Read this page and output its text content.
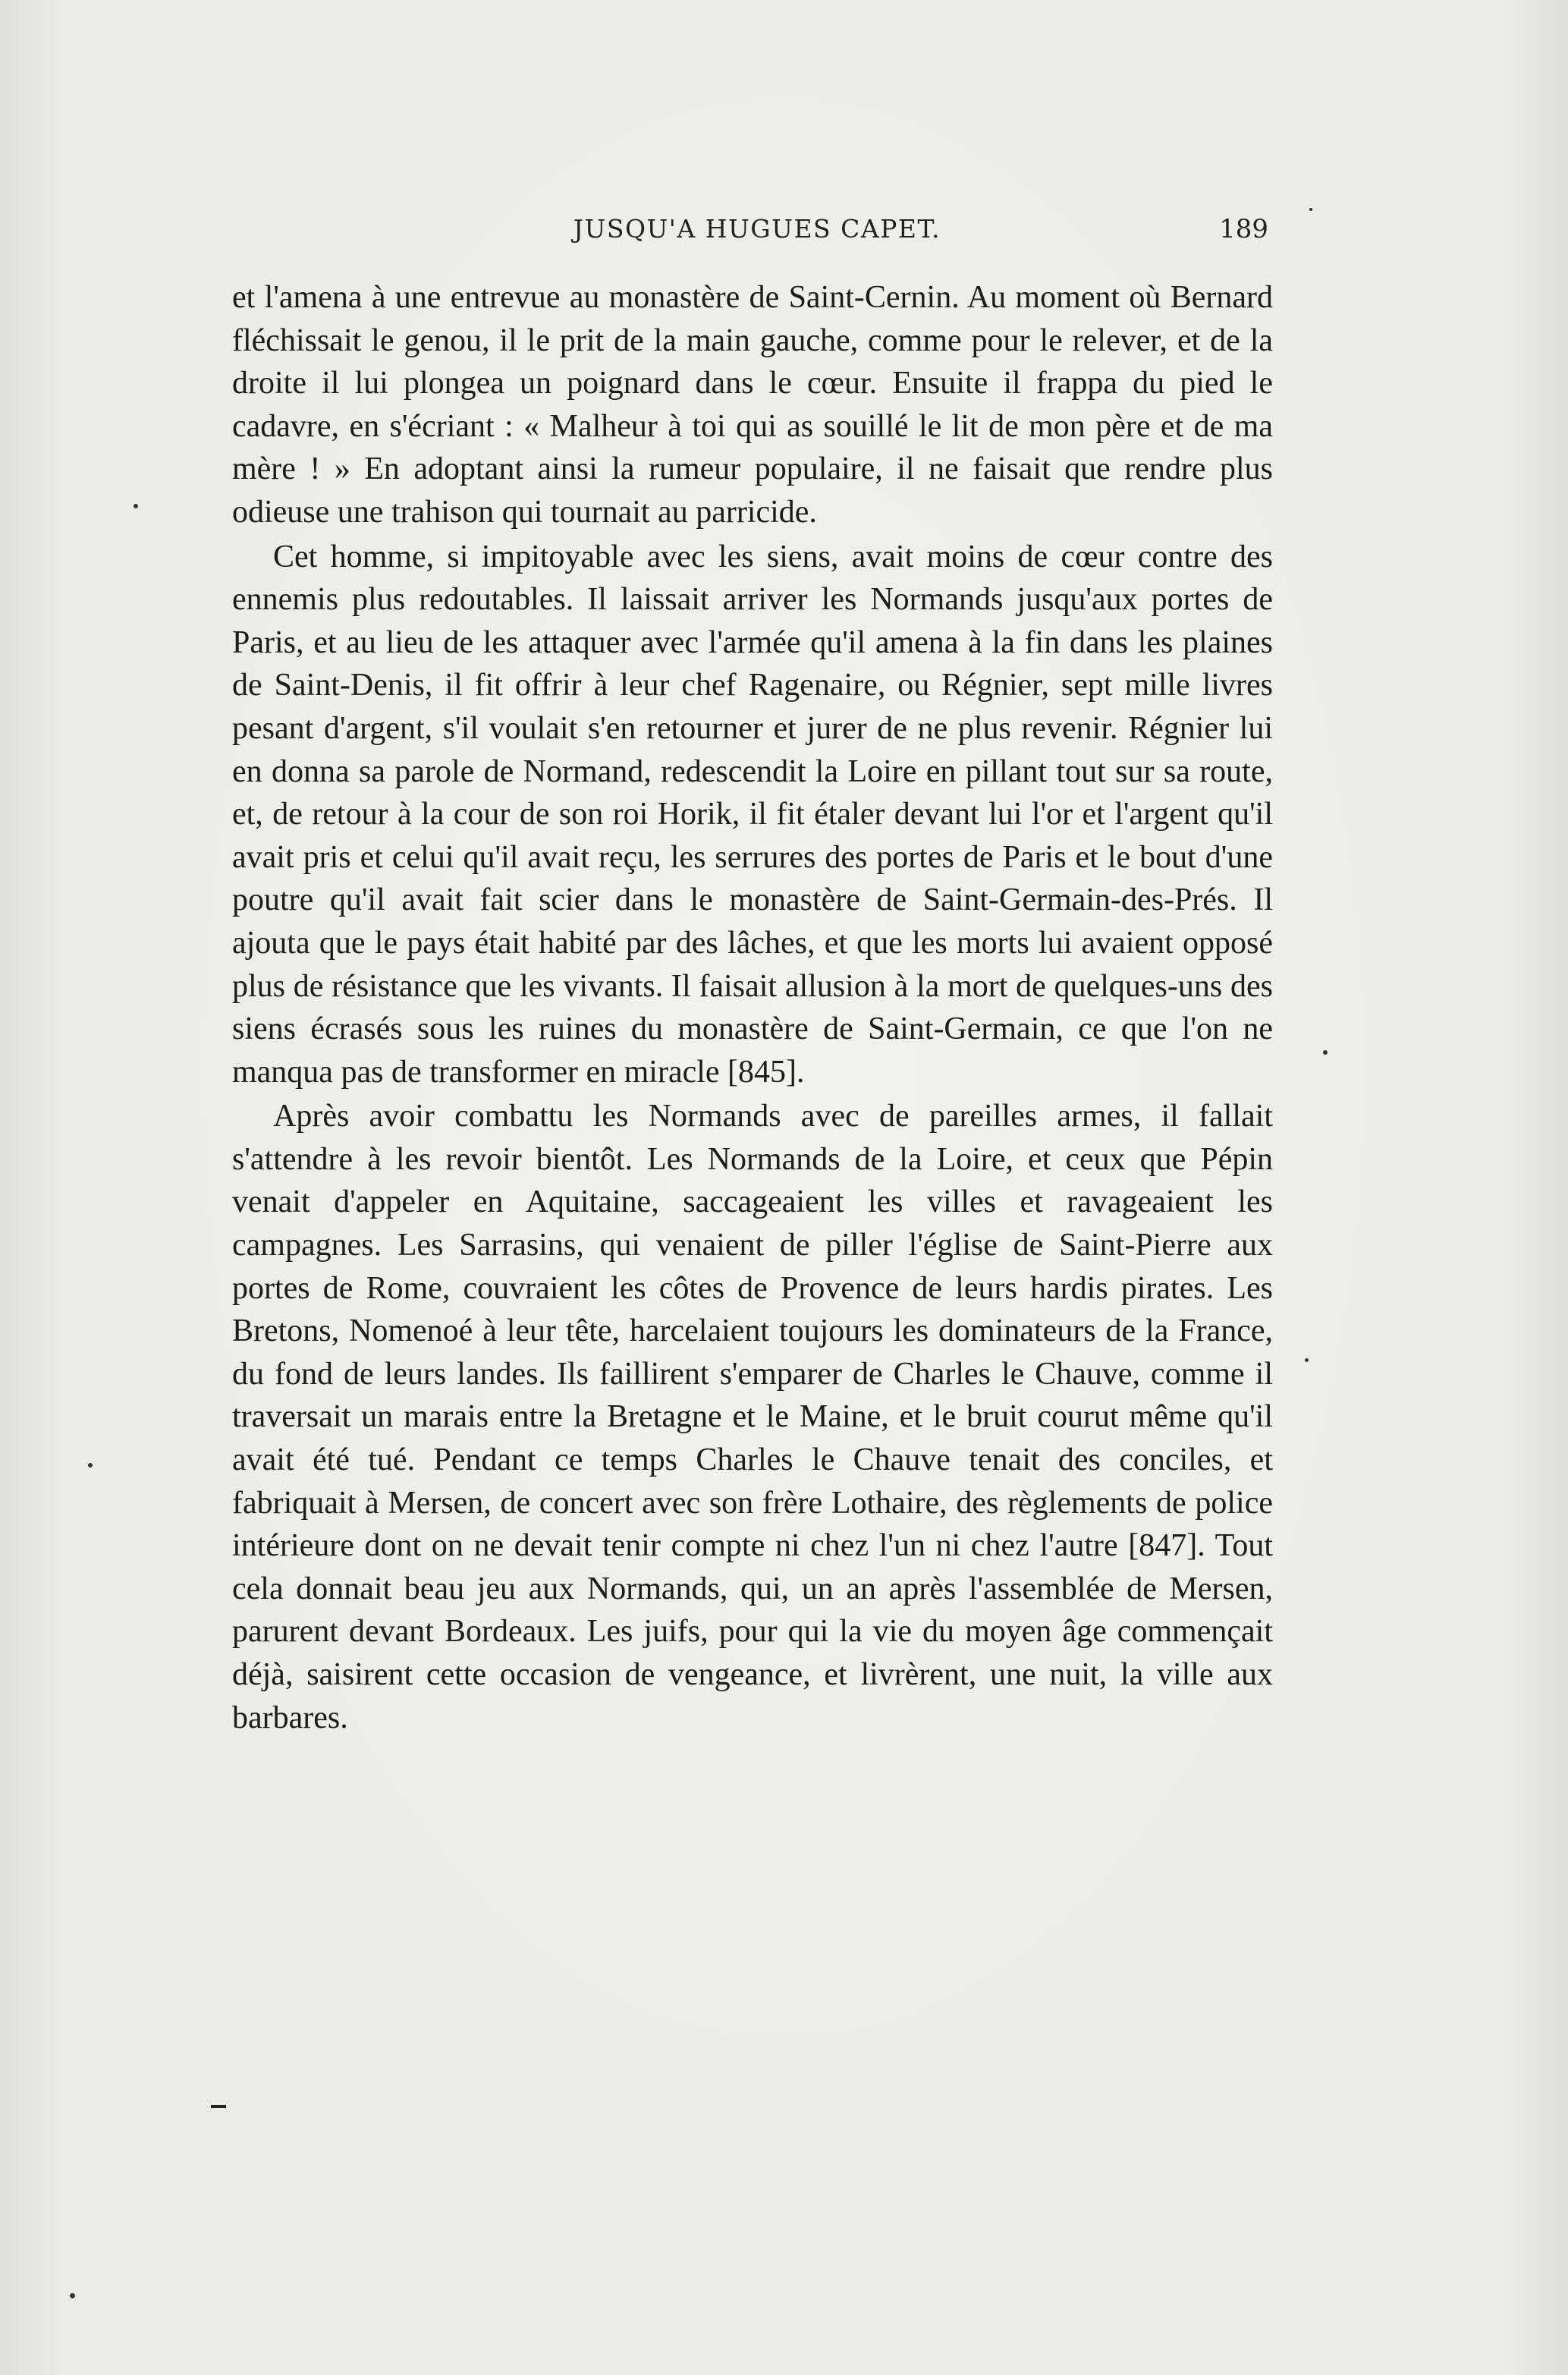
JUSQU'A HUGUES CAPET.	189

et l'amena à une entrevue au monastère de Saint-Cernin. Au moment où Bernard fléchissait le genou, il le prit de la main gauche, comme pour le relever, et de la droite il lui plongea un poignard dans le cœur. Ensuite il frappa du pied le cadavre, en s'écriant : « Malheur à toi qui as souillé le lit de mon père et de ma mère ! » En adoptant ainsi la rumeur populaire, il ne faisait que rendre plus odieuse une trahison qui tournait au parricide.

Cet homme, si impitoyable avec les siens, avait moins de cœur contre des ennemis plus redoutables. Il laissait arriver les Normands jusqu'aux portes de Paris, et au lieu de les attaquer avec l'armée qu'il amena à la fin dans les plaines de Saint-Denis, il fit offrir à leur chef Ragenaire, ou Régnier, sept mille livres pesant d'argent, s'il voulait s'en retourner et jurer de ne plus revenir. Régnier lui en donna sa parole de Normand, redescendit la Loire en pillant tout sur sa route, et, de retour à la cour de son roi Horik, il fit étaler devant lui l'or et l'argent qu'il avait pris et celui qu'il avait reçu, les serrures des portes de Paris et le bout d'une poutre qu'il avait fait scier dans le monastère de Saint-Germain-des-Prés. Il ajouta que le pays était habité par des lâches, et que les morts lui avaient opposé plus de résistance que les vivants. Il faisait allusion à la mort de quelques-uns des siens écrasés sous les ruines du monastère de Saint-Germain, ce que l'on ne manqua pas de transformer en miracle [845].

Après avoir combattu les Normands avec de pareilles armes, il fallait s'attendre à les revoir bientôt. Les Normands de la Loire, et ceux que Pépin venait d'appeler en Aquitaine, saccageaient les villes et ravageaient les campagnes. Les Sarrasins, qui venaient de piller l'église de Saint-Pierre aux portes de Rome, couvraient les côtes de Provence de leurs hardis pirates. Les Bretons, Nomenoé à leur tête, harcelaient toujours les dominateurs de la France, du fond de leurs landes. Ils faillirent s'emparer de Charles le Chauve, comme il traversait un marais entre la Bretagne et le Maine, et le bruit courut même qu'il avait été tué. Pendant ce temps Charles le Chauve tenait des conciles, et fabriquait à Mersen, de concert avec son frère Lothaire, des règlements de police intérieure dont on ne devait tenir compte ni chez l'un ni chez l'autre [847]. Tout cela donnait beau jeu aux Normands, qui, un an après l'assemblée de Mersen, parurent devant Bordeaux. Les juifs, pour qui la vie du moyen âge commençait déjà, saisirent cette occasion de vengeance, et livrèrent, une nuit, la ville aux barbares.
